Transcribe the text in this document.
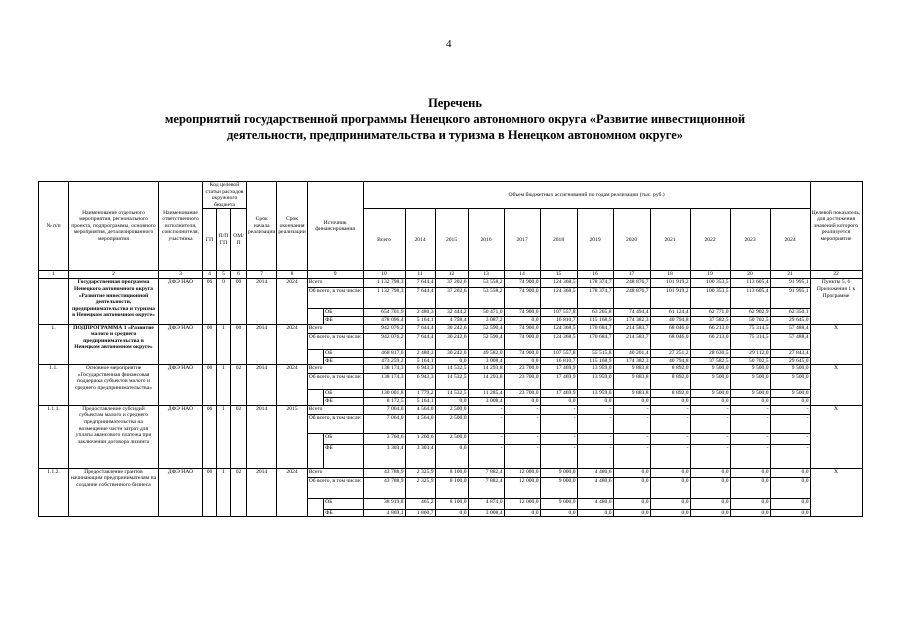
4
Перечень
мероприятий государственной программы Ненецкого автономного округа «Развитие инвестиционной
деятельности, предпринимательства и туризма в Ненецком автономном округе»
№ п/п	Наименование отдельного мероприятия, регионального проекта, подпрограммы, основного мероприятия, детализированного мероприятия	Наименование ответственного исполнителя, соисполнителя, участника	Код целевой статьи расходов окружного бюджета			Срок начала реализации	Срок окончания реализации	Источник финансирования		Объем бюджетных ассигнований по годам реализации (тыс. руб.)												Целевой показатель, для достижения значений которого реализуется мероприятие
			ГП	П/П ГП	ОМ/ П					Всего	2014	2015	2016	2017	2018	2019	2020	2021	2022	2023	2024	

1	2	3	4	5	6	7	8	9		10	11	12	13	14	15	16	17	18	19	20	21	22
	Государственная программа Ненецкого автономного округа «Развитие инвестиционной деятельности, предпринимательства и туризма в Ненецком автономном округе»	ДФЭ НАО	06	0	00	2014	2024	Всего		1 132 798,3	7 644,4	37 202,6	53 558,2	74 900,0	124 368,5	178 374,7	248 876,7	101 919,2	100 353,5	113 605,4	91 995,1	Пункты 5, 6 Приложения 1 к Программе
								Об всего, в том числе:		1 132 798,3	7 644,4	37 202,6	53 558,2	74 900,0	124 368,5	178 374,7	248 876,7	101 919,2	100 353,5	113 605,4	91 995,1	
									ОБ	654 701,9	2 480,3	32 444,2	50 471,0	74 900,0	107 557,8	63 205,8	74 494,4	61 124,4	62 771,0	62 902,9	62 350,1	
									ФБ	478 096,4	5 164,1	4 758,4	3 087,2	0,0	16 810,7	115 168,9	174 382,3	40 794,8	37 582,5	50 702,5	29 645,0	
1.	ПОДПРОГРАММА 1 «Развитие малого и среднего предпринимательства в Ненецком автономном округе»	ДФЭ НАО	06	1	00	2014	2024	Всего		942 076,2	7 644,4	30 242,6	52 590,4	74 900,0	124 368,5	170 684,7	214 583,7	68 046,0	66 213,0	75 314,5	57 488,4	X
								Об всего, в том числе:		942 076,2	7 644,4	30 242,6	52 590,4	74 900,0	124 368,5	170 684,7	214 583,7	68 046,0	66 213,0	75 314,5	57 488,4	
									ОБ	468 817,0	2 480,3	30 242,6	49 582,0	74 900,0	107 557,8	55 515,8	40 201,4	27 251,2	28 630,5	29 112,0	27 843,4	
									ФБ	473 259,2	5 164,1	0,0	3 008,4	0,0	16 810,7	115 168,9	174 382,3	40 794,8	37 582,5	50 702,5	29 645,0	
1.1.	Основное мероприятие «Государственная финансовая поддержка субъектов малого и среднего предпринимательства»	ДФЭ НАО	06	1	02	2014	2024	Всего		138 174,3	6 943,3	14 532,5	14 293,8	23 700,0	17 469,9	13 959,0	9 883,8	8 892,0	9 500,0	9 500,0	9 500,0	X
								Об всего, в том числе:		138 174,3	6 943,3	14 532,5	14 293,8	23 700,0	17 469,9	13 959,0	9 883,8	8 892,0	9 500,0	9 500,0	9 500,0	
									ОБ	130 001,8	1 779,2	14 532,5	11 285,4	23 700,0	17 469,9	13 959,0	9 883,8	8 892,0	9 500,0	9 500,0	9 500,0	
									ФБ	8 172,5	5 164,1	0,0	3 008,4	0,0	0,0	0,0	0,0	0,0	0,0	0,0	0,0	
1.1.1.	Предоставление субсидий субъектам малого и среднего предпринимательства на возмещение части затрат для уплаты авансового платежа при заключении договора лизинга	ДФЭ НАО	06	1	02	2014	2015	Всего		7 064,0	4 564,0	2 500,0	-	-	-	-	-	-	-	-	-	X
								Об всего, в том числе:		7 064,0	4 564,0	2 500,0	-	-	-	-	-	-	-	-	-	
									ОБ	3 760,6	1 260,6	2 500,0	-	-	-	-	-	-	-	-	-	
									ФБ	3 303,4	3 303,4	0,0	-	-	-	-	-	-	-	-	-	
1.1.2.	Предоставление грантов начинающим предпринимателям на создание собственного бизнеса	ДФЭ НАО	06	1	02	2014	2024	Всего		43 788,9	2 325,9	8 100,0	7 882,4	12 000,0	9 000,0	4 480,6	0,0	0,0	0,0	0,0	0,0	X
								Об всего, в том числе:		43 788,9	2 325,9	8 100,0	7 882,4	12 000,0	9 000,0	4 480,6	0,0	0,0	0,0	0,0	0,0	
									ОБ	38 919,8	465,2	8 100,0	4 874,0	12 000,0	9 000,0	4 480,6	0,0	0,0	0,0	0,0	0,0	
									ФБ	4 869,1	1 860,7	0,0	3 008,4	0,0	0,0	0,0	0,0	0,0	0,0	0,0	0,0	
